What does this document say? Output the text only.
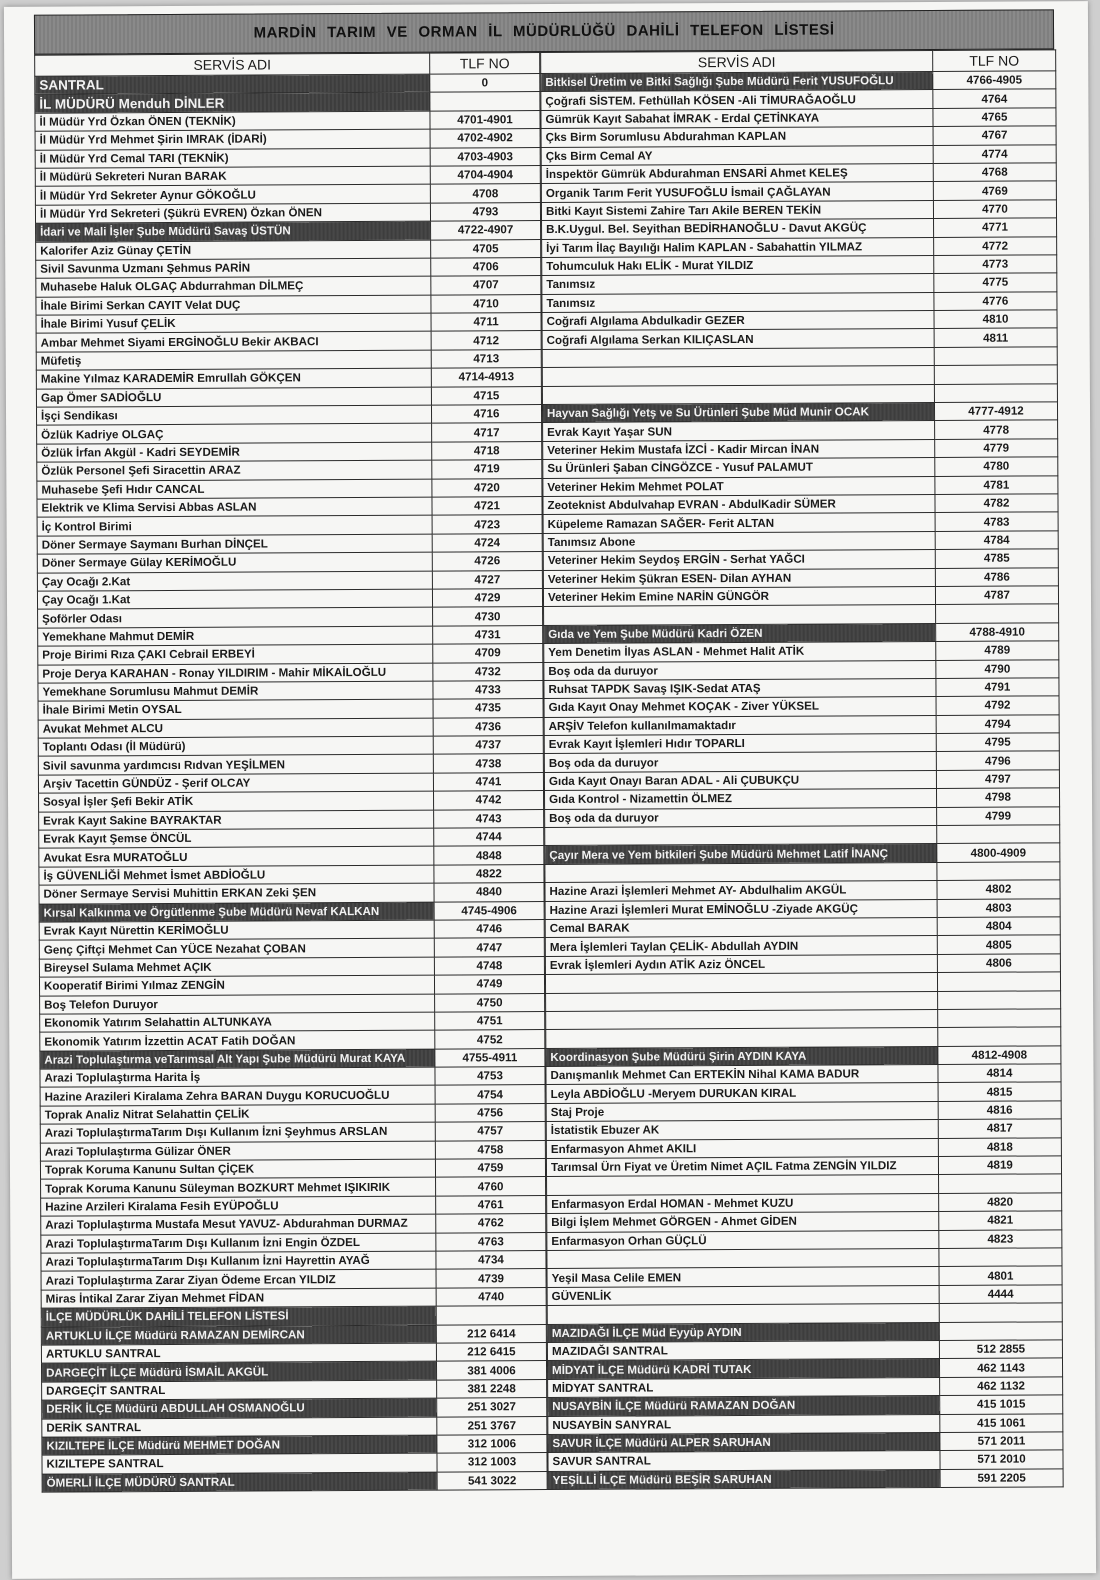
MARDİN TARIM VE ORMAN İL MÜDÜRLÜĞÜ DAHİLİ TELEFON LİSTESİ
SERVİS ADI	TLF NO
SANTRAL	0
İL MÜDÜRÜ Menduh DİNLER	
İl Müdür Yrd Özkan ÖNEN (TEKNİK)	4701-4901
İl Müdür Yrd Mehmet Şirin IMRAK (İDARİ)	4702-4902
İl Müdür Yrd Cemal TARI (TEKNİK)	4703-4903
İl Müdürü Sekreteri Nuran BARAK	4704-4904
İl Müdür Yrd Sekreter Aynur GÖKOĞLU	4708
İl Müdür Yrd Sekreteri (Şükrü EVREN) Özkan ÖNEN	4793
İdari ve Mali İşler Şube Müdürü Savaş ÜSTÜN	4722-4907
Kalorifer Aziz Günay ÇETİN	4705
Sivil Savunma Uzmanı Şehmus PARİN	4706
Muhasebe Haluk OLGAÇ Abdurrahman DİLMEÇ	4707
İhale Birimi Serkan CAYIT Velat DUÇ	4710
İhale Birimi Yusuf ÇELİK	4711
Ambar Mehmet Siyami ERGİNOĞLU Bekir AKBACI	4712
Müfetiş	4713
Makine Yılmaz KARADEMİR Emrullah GÖKÇEN	4714-4913
Gap Ömer SADİOĞLU	4715
İşçi Sendikası	4716
Özlük Kadriye OLGAÇ	4717
Özlük İrfan Akgül - Kadri SEYDEMİR	4718
Özlük Personel Şefi Siracettin ARAZ	4719
Muhasebe Şefi Hıdır CANCAL	4720
Elektrik ve Klima Servisi Abbas ASLAN	4721
İç Kontrol Birimi	4723
Döner Sermaye Saymanı Burhan DİNÇEL	4724
Döner Sermaye Gülay KERİMOĞLU	4726
Çay Ocağı 2.Kat	4727
Çay Ocağı 1.Kat	4729
Şoförler Odası	4730
Yemekhane Mahmut DEMİR	4731
Proje Birimi Rıza ÇAKI Cebrail ERBEYİ	4709
Proje Derya KARAHAN - Ronay YILDIRIM - Mahir MİKAİLOĞLU	4732
Yemekhane Sorumlusu Mahmut DEMİR	4733
İhale Birimi Metin OYSAL	4735
Avukat Mehmet ALCU	4736
Toplantı Odası (İl Müdürü)	4737
Sivil savunma yardımcısı Rıdvan YEŞİLMEN	4738
Arşiv Tacettin GÜNDÜZ - Şerif OLCAY	4741
Sosyal İşler Şefi Bekir ATİK	4742
Evrak Kayıt Sakine BAYRAKTAR	4743
Evrak Kayıt Şemse ÖNCÜL	4744
Avukat Esra MURATOĞLU	4848
İş GÜVENLİĞİ Mehmet İsmet ABDİOĞLU	4822
Döner Sermaye Servisi Muhittin ERKAN Zeki ŞEN	4840
Kırsal Kalkınma ve Örgütlenme Şube Müdürü Nevaf KALKAN	4745-4906
Evrak Kayıt Nürettin KERİMOĞLU	4746
Genç Çiftçi Mehmet Can YÜCE Nezahat ÇOBAN	4747
Bireysel Sulama Mehmet AÇIK	4748
Kooperatif Birimi Yılmaz ZENGİN	4749
Boş Telefon Duruyor	4750
Ekonomik Yatırım Selahattin ALTUNKAYA	4751
Ekonomik Yatırım İzzettin ACAT Fatih DOĞAN	4752
Arazi Toplulaştırma veTarımsal Alt Yapı Şube Müdürü Murat KAYA	4755-4911
Arazi Toplulaştırma Harita İş	4753
Hazine Arazileri Kiralama Zehra BARAN Duygu KORUCUOĞLU	4754
Toprak Analiz Nitrat Selahattin ÇELİK	4756
Arazi ToplulaştırmaTarım Dışı Kullanım İzni Şeyhmus ARSLAN	4757
Arazi Toplulaştırma Gülizar ÖNER	4758
Toprak Koruma Kanunu Sultan ÇİÇEK	4759
Toprak Koruma Kanunu Süleyman BOZKURT Mehmet IŞIKIRIK	4760
Hazine Arzileri Kiralama Fesih EYÜPOĞLU	4761
Arazi Toplulaştırma Mustafa Mesut YAVUZ- Abdurahman DURMAZ	4762
Arazi ToplulaştırmaTarım Dışı Kullanım İzni Engin ÖZDEL	4763
Arazi ToplulaştırmaTarım Dışı Kullanım İzni Hayrettin AYAĞ	4734
Arazi Toplulaştırma Zarar Ziyan Ödeme Ercan YILDIZ	4739
Miras İntikal Zarar Ziyan Mehmet FİDAN	4740
İLÇE MÜDÜRLÜK DAHİLİ TELEFON LİSTESİ	
ARTUKLU İLÇE Müdürü RAMAZAN DEMİRCAN	212 6414
ARTUKLU SANTRAL	212 6415
DARGEÇİT İLÇE Müdürü İSMAİL AKGÜL	381 4006
DARGEÇİT SANTRAL	381 2248
DERİK İLÇE Müdürü ABDULLAH OSMANOĞLU	251 3027
DERİK SANTRAL	251 3767
KIZILTEPE İLÇE Müdürü MEHMET DOĞAN	312 1006
KIZILTEPE SANTRAL	312 1003
ÖMERLİ İLÇE MÜDÜRÜ SANTRAL	541 3022
SERVİS ADI	TLF NO
Bitkisel Üretim ve Bitki Sağlığı Şube Müdürü Ferit YUSUFOĞLU	4766-4905
Çoğrafi SİSTEM. Fethüllah KÖSEN -Ali TİMURAĞAOĞLU	4764
Gümrük Kayıt Sabahat İMRAK - Erdal ÇETİNKAYA	4765
Çks Birm Sorumlusu Abdurahman KAPLAN	4767
Çks Birm Cemal AY	4774
İnspektör Gümrük Abdurahman ENSARİ Ahmet KELEŞ	4768
Organik Tarım Ferit YUSUFOĞLU İsmail ÇAĞLAYAN	4769
Bitki Kayıt Sistemi Zahire Tarı Akile BEREN TEKİN	4770
B.K.Uygul. Bel. Seyithan BEDİRHANOĞLU - Davut AKGÜÇ	4771
İyi Tarım İlaç Bayılığı Halim KAPLAN - Sabahattin YILMAZ	4772
Tohumculuk Hakı ELİK - Murat YILDIZ	4773
Tanımsız	4775
Tanımsız	4776
Coğrafi Algılama Abdulkadir GEZER	4810
Coğrafi Algılama Serkan KILIÇASLAN	4811

Hayvan Sağlığı Yetş ve Su Ürünleri Şube Müd Munir OCAK	4777-4912
Evrak Kayıt Yaşar SUN	4778
Veteriner Hekim Mustafa İZCİ - Kadir Mircan İNAN	4779
Su Ürünleri Şaban CİNGÖZCE - Yusuf PALAMUT	4780
Veteriner Hekim Mehmet POLAT	4781
Zeoteknist Abdulvahap EVRAN - AbdulKadir SÜMER	4782
Küpeleme Ramazan SAĞER- Ferit ALTAN	4783
Tanımsız Abone	4784
Veteriner Hekim Seydoş ERGİN - Serhat YAĞCI	4785
Veteriner Hekim Şükran ESEN- Dilan AYHAN	4786
Veteriner Hekim Emine NARİN GÜNGÖR	4787

Gıda ve Yem Şube Müdürü Kadri ÖZEN	4788-4910
Yem Denetim İlyas ASLAN - Mehmet Halit ATİK	4789
Boş oda da duruyor	4790
Ruhsat TAPDK Savaş IŞIK-Sedat ATAŞ	4791
Gıda Kayıt Onay Mehmet KOÇAK - Ziver YÜKSEL	4792
ARŞİV Telefon kullanılmamaktadır	4794
Evrak Kayıt İşlemleri Hıdır TOPARLI	4795
Boş oda da duruyor	4796
Gıda Kayıt Onayı Baran ADAL - Ali ÇUBUKÇU	4797
Gıda Kontrol - Nizamettin ÖLMEZ	4798
Boş oda da duruyor	4799

Çayır Mera ve Yem bitkileri Şube Müdürü Mehmet Latif İNANÇ	4800-4909

Hazine Arazi İşlemleri Mehmet AY- Abdulhalim AKGÜL	4802
Hazine Arazi İşlemleri Murat EMİNOĞLU -Ziyade AKGÜÇ	4803
Cemal BARAK	4804
Mera İşlemleri Taylan ÇELİK- Abdullah AYDIN	4805
Evrak İşlemleri Aydın ATİK Aziz ÖNCEL	4806

Koordinasyon Şube Müdürü Şirin AYDIN KAYA	4812-4908
Danışmanlık Mehmet Can ERTEKİN Nihal KAMA BADUR	4814
Leyla ABDİOĞLU -Meryem DURUKAN KIRAL	4815
Staj Proje	4816
İstatistik Ebuzer AK	4817
Enfarmasyon Ahmet AKILI	4818
Tarımsal Ürn Fiyat ve Üretim Nimet AÇIL Fatma ZENGİN YILDIZ	4819

Enfarmasyon Erdal HOMAN - Mehmet KUZU	4820
Bilgi İşlem Mehmet GÖRGEN - Ahmet GİDEN	4821
Enfarmasyon Orhan GÜÇLÜ	4823

Yeşil Masa Celile EMEN	4801
GÜVENLİK	4444

MAZIDAĞI İLÇE Müd Eyyüp AYDIN	
MAZIDAĞI SANTRAL	512 2855
MİDYAT İLÇE Müdürü KADRİ TUTAK	462 1143
MİDYAT SANTRAL	462 1132
NUSAYBİN İLÇE Müdürü RAMAZAN DOĞAN	415 1015
NUSAYBİN SANYRAL	415 1061
SAVUR İLÇE Müdürü ALPER SARUHAN	571 2011
SAVUR SANTRAL	571 2010
YEŞİLLİ İLÇE Müdürü BEŞİR SARUHAN	591 2205
